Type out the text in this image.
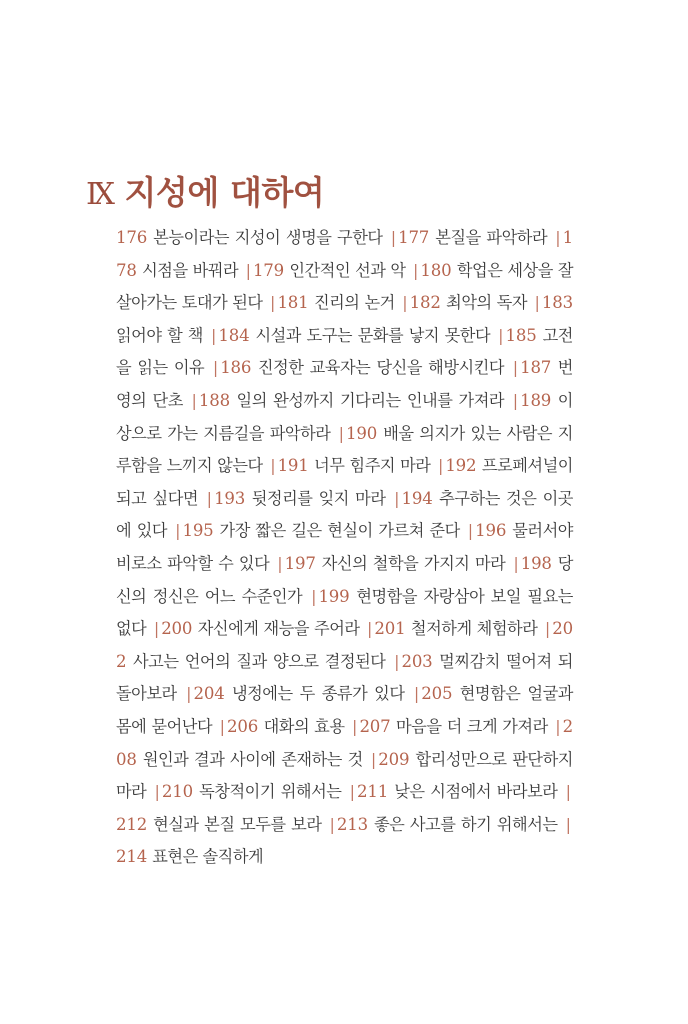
Ⅸ 지성에 대하여
176 본능이라는 지성이 생명을 구한다 | 177 본질을 파악하라 | 178 시점을 바꿔라 | 179 인간적인 선과 악 | 180 학업은 세상을 잘 살아가는 토대가 된다 | 181 진리의 논거 | 182 최악의 독자 | 183 읽어야 할 책 | 184 시설과 도구는 문화를 낳지 못한다 | 185 고전을 읽는 이유 | 186 진정한 교육자는 당신을 해방시킨다 | 187 번영의 단초 | 188 일의 완성까지 기다리는 인내를 가져라 | 189 이상으로 가는 지름길을 파악하라 | 190 배울 의지가 있는 사람은 지루함을 느끼지 않는다 | 191 너무 힘주지 마라 | 192 프로페셔널이 되고 싶다면 | 193 뒷정리를 잊지 마라 | 194 추구하는 것은 이곳에 있다 | 195 가장 짧은 길은 현실이 가르쳐 준다 | 196 물러서야 비로소 파악할 수 있다 | 197 자신의 철학을 가지지 마라 | 198 당신의 정신은 어느 수준인가 | 199 현명함을 자랑삼아 보일 필요는 없다 | 200 자신에게 재능을 주어라 | 201 철저하게 체험하라 | 202 사고는 언어의 질과 양으로 결정된다 | 203 멀찌감치 떨어져 되돌아보라 | 204 냉정에는 두 종류가 있다 | 205 현명함은 얼굴과 몸에 묻어난다 | 206 대화의 효용 | 207 마음을 더 크게 가져라 | 208 원인과 결과 사이에 존재하는 것 | 209 합리성만으로 판단하지 마라 | 210 독창적이기 위해서는 | 211 낮은 시점에서 바라보라 |212 현실과 본질 모두를 보라 | 213 좋은 사고를 하기 위해서는 |214 표현은 솔직하게
